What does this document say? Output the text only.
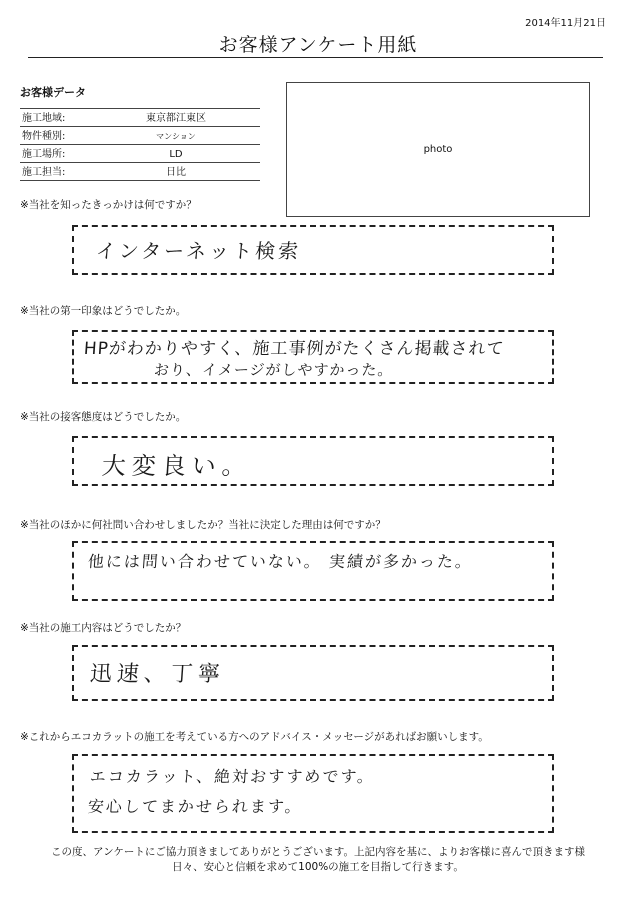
2014年11月21日
お客様アンケート用紙
お客様データ
施工地域:	東京都江東区
物件種別:	マンション
施工場所:	LD
施工担当:	日比
photo
※当社を知ったきっかけは何ですか？
インターネット検索
※当社の第一印象はどうでしたか。
HPがわかりやすく、施工事例がたくさん掲載されて
おり、イメージがしやすかった。
※当社の接客態度はどうでしたか。
大変良い。
※当社のほかに何社問い合わせしましたか？当社に決定した理由は何ですか？
他には問い合わせていない。 実績が多かった。
※当社の施工内容はどうでしたか？
迅速、丁寧
※これからエコカラットの施工を考えている方へのアドバイス・メッセージがあればお願いします。
エコカラット、絶対おすすめです。
安心してまかせられます。
この度、アンケートにご協力頂きましてありがとうございます。上記内容を基に、よりお客様に喜んで頂きます様
日々、安心と信頼を求めて100%の施工を目指して行きます。
